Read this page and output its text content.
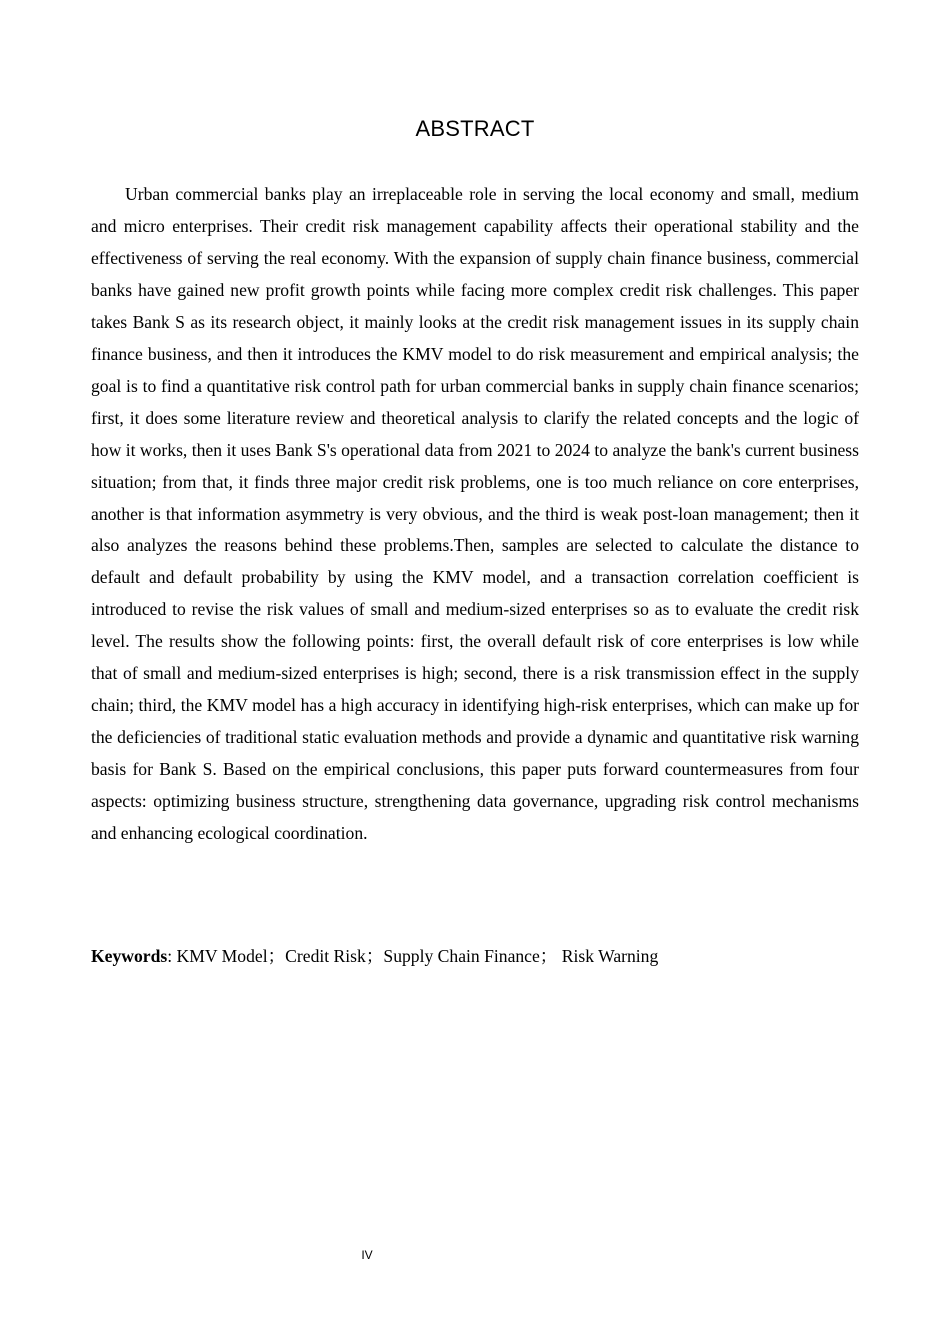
ABSTRACT

Urban commercial banks play an irreplaceable role in serving the local economy and small, medium and micro enterprises. Their credit risk management capability affects their operational stability and the effectiveness of serving the real economy. With the expansion of supply chain finance business, commercial banks have gained new profit growth points while facing more complex credit risk challenges. This paper takes Bank S as its research object, it mainly looks at the credit risk management issues in its supply chain finance business, and then it introduces the KMV model to do risk measurement and empirical analysis; the goal is to find a quantitative risk control path for urban commercial banks in supply chain finance scenarios; first, it does some literature review and theoretical analysis to clarify the related concepts and the logic of how it works, then it uses Bank S's operational data from 2021 to 2024 to analyze the bank's current business situation; from that, it finds three major credit risk problems, one is too much reliance on core enterprises, another is that information asymmetry is very obvious, and the third is weak post-loan management; then it also analyzes the reasons behind these problems.Then, samples are selected to calculate the distance to default and default probability by using the KMV model, and a transaction correlation coefficient is introduced to revise the risk values of small and medium-sized enterprises so as to evaluate the credit risk level. The results show the following points: first, the overall default risk of core enterprises is low while that of small and medium-sized enterprises is high; second, there is a risk transmission effect in the supply chain; third, the KMV model has a high accuracy in identifying high-risk enterprises, which can make up for the deficiencies of traditional static evaluation methods and provide a dynamic and quantitative risk warning basis for Bank S. Based on the empirical conclusions, this paper puts forward countermeasures from four aspects: optimizing business structure, strengthening data governance, upgrading risk control mechanisms and enhancing ecological coordination.

Keywords: KMV Model；Credit Risk；Supply Chain Finance； Risk Warning

IV
